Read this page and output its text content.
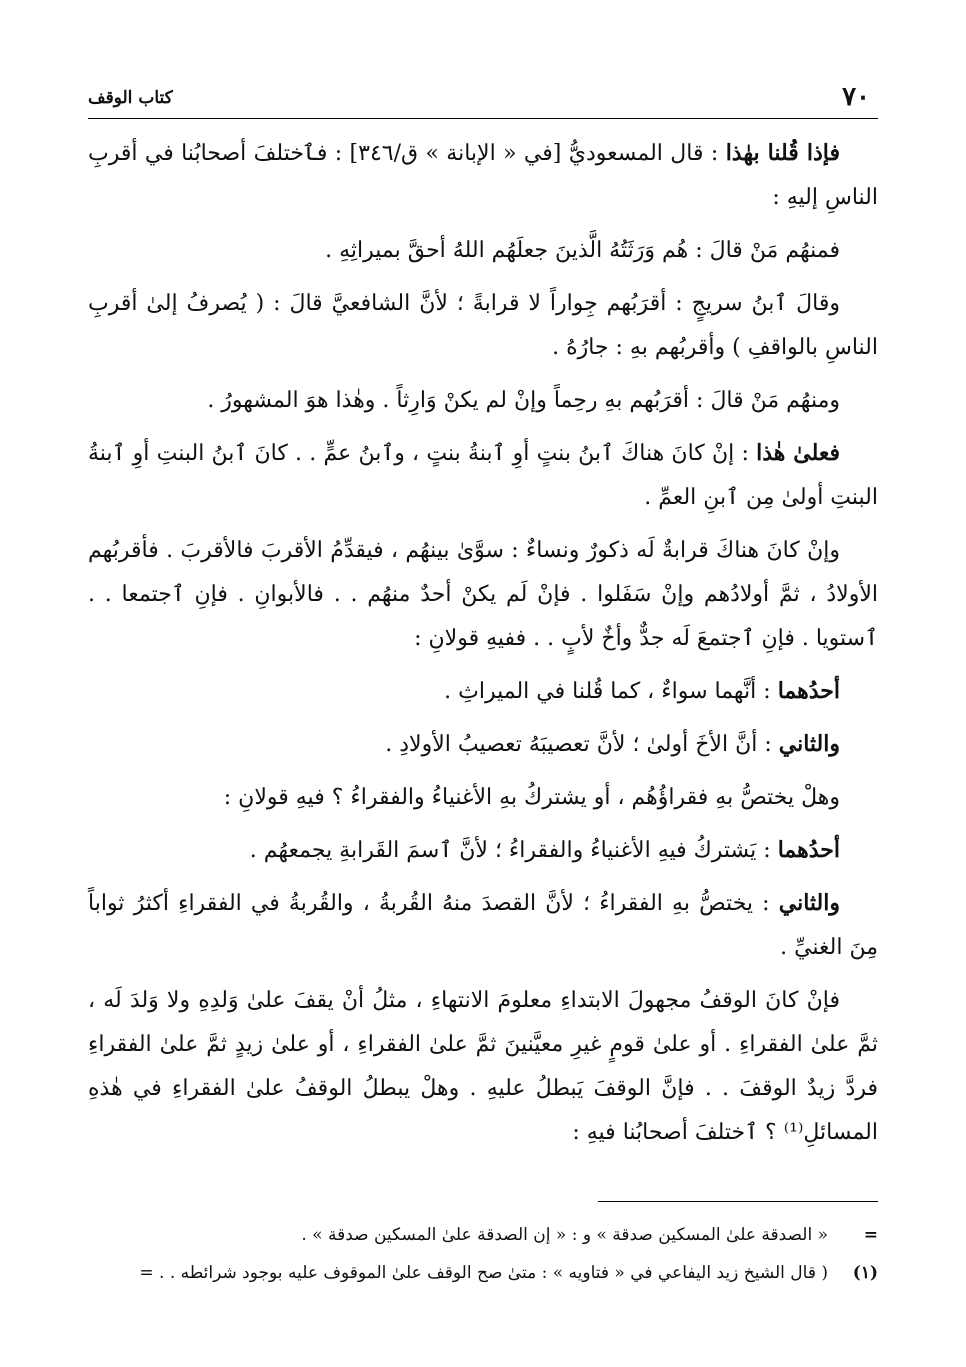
٧٠
كتاب الوقف

فإذا قُلنا بهٰذا : قال المسعوديُّ [في « الإبانة » ق/٣٤٦] : فٱختلفَ أصحابُنا في أقربِ الناسِ إليهِ :

فمنهُم مَنْ قالَ : هُم وَرَثَتُهُ الَّذينَ جعلَهُم اللهُ أحقَّ بميراثِهِ .

وقالَ ٱبنُ سريجٍ : أقرَبُهم جِواراً لا قرابةً ؛ لأنَّ الشافعيَّ قالَ : ( يُصرفُ إلىٰ أقربِ الناسِ بالواقفِ ) وأقربُهم بهِ : جارُهُ .

ومنهُم مَنْ قالَ : أقرَبُهم بهِ رحِماً وإنْ لم يكنْ وَارِثاً . وهٰذا هوَ المشهورُ .

فعلىٰ هٰذا : إنْ كانَ هناكَ ٱبنُ بنتٍ أوِ ٱبنةُ بنتٍ ، وٱبنُ عمٍّ . . كانَ ٱبنُ البنتِ أوِ ٱبنةُ البنتِ أولىٰ مِن ٱبنِ العمِّ .

وإنْ كانَ هناكَ قرابةٌ لَه ذكورٌ ونساءٌ : سوَّىٰ بينهُم ، فيقدِّمُ الأقربَ فالأقربَ . فأقربُهم الأولادُ ، ثمَّ أولادُهم وإنْ سَفَلوا . فإنْ لَم يكنْ أحدٌ منهُم . . فالأبوانِ . فإنِ ٱجتمعا . . ٱستويا . فإنِ ٱجتمعَ لَه جدٌّ وأخٌ لأبٍ . . ففيهِ قولانِ :

أحدُهما : أنَّهما سواءٌ ، كما قُلنا في الميراثِ .

والثاني : أنَّ الأخَ أولىٰ ؛ لأنَّ تعصيبَهُ تعصيبُ الأولادِ .

وهلْ يختصُّ بهِ فقراؤُهُم ، أو يشتركُ بهِ الأغنياءُ والفقراءُ ؟ فيهِ قولانِ :

أحدُهما : يَشتركُ فيهِ الأغنياءُ والفقراءُ ؛ لأنَّ ٱسمَ القَرابةِ يجمعهُم .

والثاني : يختصُّ بهِ الفقراءُ ؛ لأنَّ القصدَ منهُ القُربةُ ، والقُربةُ في الفقراءِ أكثرُ ثواباً مِنَ الغنيِّ .

فإنْ كانَ الوقفُ مجهولَ الابتداءِ معلومَ الانتهاءِ ، مثلُ أنْ يقفَ علىٰ وَلدِهِ ولا وَلدَ لَه ، ثمَّ علىٰ الفقراءِ . أو علىٰ قومٍ غيرِ معيَّنينَ ثمَّ علىٰ الفقراءِ ، أو علىٰ زيدٍ ثمَّ علىٰ الفقراءِ فردَّ زيدٌ الوقفَ . . فإنَّ الوقفَ يَبطلُ عليهِ . وهلْ يبطلُ الوقفُ علىٰ الفقراءِ في هٰذهِ المسائلِ⁽¹⁾ ؟ ٱختلفَ أصحابُنا فيهِ :

=« الصدقة علىٰ المسكين صدقة » و : « إن الصدقة علىٰ المسكين صدقة » .

(١)( قال الشيخ زيد اليفاعي في « فتاويه » : متىٰ صح الوقف علىٰ الموقوف عليه بوجود شرائطه . . =
